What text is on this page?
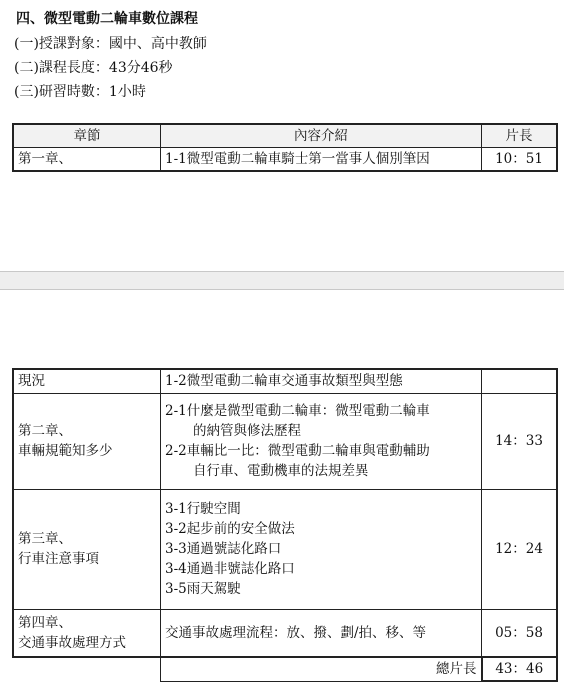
四、微型電動二輪車數位課程
(一)授課對象：國中、高中教師
(二)課程長度：43分46秒
(三)研習時數：1小時
章節	內容介紹	片長
第一章、	1-1微型電動二輪車騎士第一當事人個別筆因	10：51
現況	1-2微型電動二輪車交通事故類型與型態	

第二章、
車輛規範知多少	2-1什麼是微型電動二輪車：微型電動二輪車
的納管與修法歷程
2-2車輛比一比：微型電動二輪車與電動輔助
自行車、電動機車的法規差異	14：33

第三章、
行車注意事項	3-1行駛空間
3-2起步前的安全做法
3-3通過號誌化路口
3-4通過非號誌化路口
3-5雨天駕駛	12：24

第四章、
交通事故處理方式	交通事故處理流程：放、撥、劃/拍、移、等	05：58
	總片長	43：46
